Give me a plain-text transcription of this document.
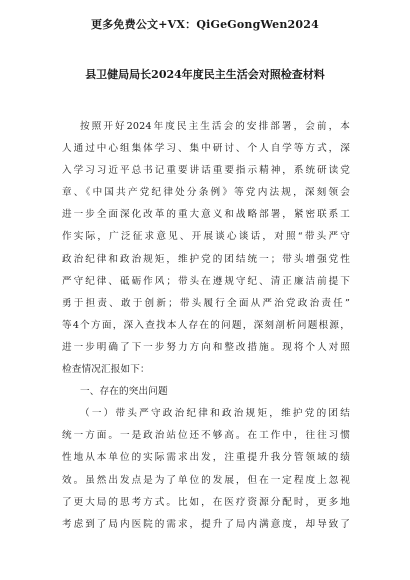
更多免费公文+VX：QiGeGongWen2024
县卫健局局长2024年度民主生活会对照检查材料
按照开好2024年度民主生活会的安排部署，会前，本
人通过中心组集体学习、集中研讨、个人自学等方式，深
入学习习近平总书记重要讲话重要指示精神，系统研读党
章、《中国共产党纪律处分条例》等党内法规，深刻领会
进一步全面深化改革的重大意义和战略部署，紧密联系工
作实际，广泛征求意见、开展谈心谈话，对照“带头严守
政治纪律和政治规矩，维护党的团结统一；带头增强党性
严守纪律、砥砺作风；带头在遵规守纪、清正廉洁前提下
勇于担责、敢于创新；带头履行全面从严治党政治责任”
等4个方面，深入查找本人存在的问题，深刻剖析问题根源，
进一步明确了下一步努力方向和整改措施。现将个人对照
检查情况汇报如下：
一、存在的突出问题
（一）带头严守政治纪律和政治规矩，维护党的团结
统一方面。一是政治站位还不够高。在工作中，往往习惯
性地从本单位的实际需求出发，注重提升我分管领域的绩
效。虽然出发点是为了单位的发展，但在一定程度上忽视
了更大局的思考方式。比如，在医疗资源分配时，更多地
考虑到了局内医院的需求，提升了局内满意度，却导致了
